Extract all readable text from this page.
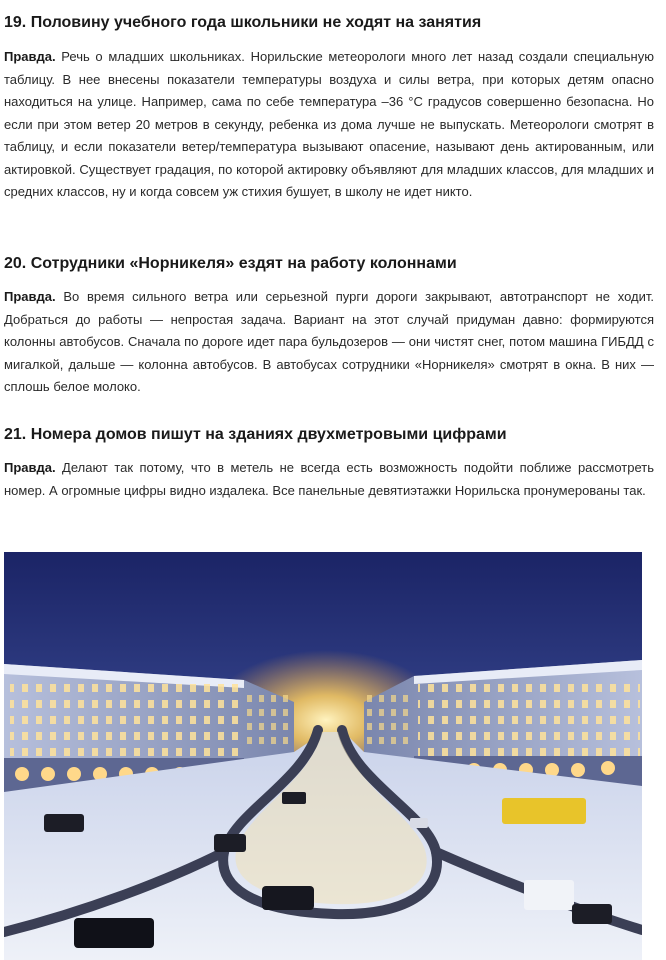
19. Половину учебного года школьники не ходят на занятия

Правда. Речь о младших школьниках. Норильские метеорологи много лет назад создали специальную таблицу. В нее внесены показатели температуры воздуха и силы ветра, при которых детям опасно находиться на улице. Например, сама по себе температура –36 °С градусов совершенно безопасна. Но если при этом ветер 20 метров в секунду, ребенка из дома лучше не выпускать. Метеорологи смотрят в таблицу, и если показатели ветер/температура вызывают опасение, называют день актированным, или актировкой. Существует градация, по которой актировку объявляют для младших классов, для младших и средних классов, ну и когда совсем уж стихия бушует, в школу не идет никто.

20. Сотрудники «Норникеля» ездят на работу колоннами

Правда. Во время сильного ветра или серьезной пурги дороги закрывают, автотранспорт не ходит. Добраться до работы — непростая задача. Вариант на этот случай придуман давно: формируются колонны автобусов. Сначала по дороге идет пара бульдозеров — они чистят снег, потом машина ГИБДД с мигалкой, дальше — колонна автобусов. В автобусах сотрудники «Норникеля» смотрят в окна. В них — сплошь белое молоко.

21. Номера домов пишут на зданиях двухметровыми цифрами

Правда. Делают так потому, что в метель не всегда есть возможность подойти поближе рассмотреть номер. А огромные цифры видно издалека. Все панельные девятиэтажки Норильска пронумерованы так.
